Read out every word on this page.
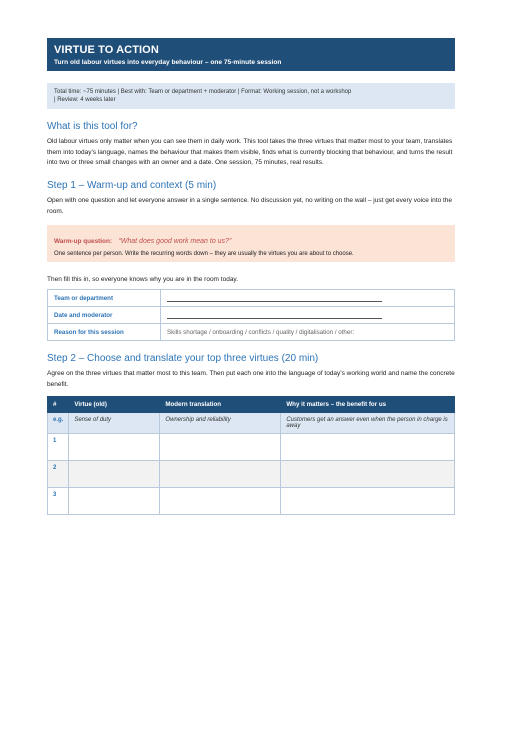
VIRTUE TO ACTION
Turn old labour virtues into everyday behaviour – one 75-minute session
Total time: ~75 minutes | Best with: Team or department + moderator | Format: Working session, not a workshop
| Review: 4 weeks later
What is this tool for?

Old labour virtues only matter when you can see them in daily work. This tool takes the three virtues that matter most to your team, translates them into today’s language, names the behaviour that makes them visible, finds what is currently blocking that behaviour, and turns the result into two or three small changes with an owner and a date. One session, 75 minutes, real results.

Step 1 – Warm-up and context (5 min)

Open with one question and let everyone answer in a single sentence. No discussion yet, no writing on the wall – just get every voice into the room.

Warm-up question: “What does good work mean to us?”
One sentence per person. Write the recurring words down – they are usually the virtues you are about to choose.
Then fill this in, so everyone knows why you are in the room today.
Team or department	
Date and moderator	
Reason for this session	Skills shortage / onboarding / conflicts / quality / digitalisation / other:
Step 2 – Choose and translate your top three virtues (20 min)

Agree on the three virtues that matter most to this team. Then put each one into the language of today’s working world and name the concrete benefit.

#	Virtue (old)	Modern translation	Why it matters – the benefit for us
e.g.	Sense of duty	Ownership and reliability	Customers get an answer even when the person in charge is away
1			
2			
3			
